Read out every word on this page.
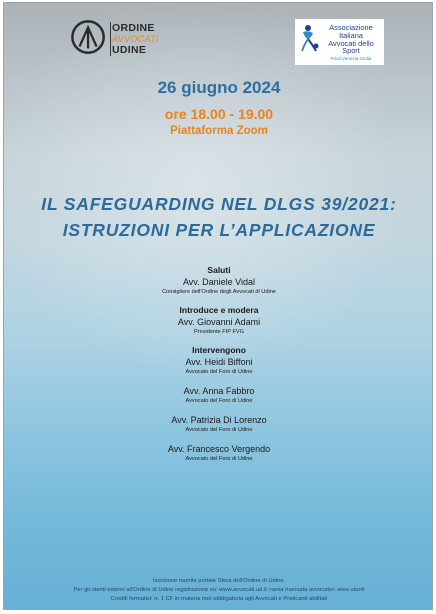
ORDINE
AVVOCATI
UDINE
Associazione
Italiana
Avvocati dello Sport
Friuli Venezia Giulia
26 giugno 2024
ore 18.00 - 19.00
Piattaforma Zoom
IL SAFEGUARDING NEL DLGS 39/2021:
ISTRUZIONI PER L’APPLICAZIONE
Saluti
Avv. Daniele Vidal
Consigliere dell'Ordine degli Avvocati di Udine
Introduce e modera
Avv. Giovanni Adami
Presidente FIP FVG
Intervengono
Avv. Heidi Biffoni
Avvocato del Foro di Udine
Avv. Anna Fabbro
Avvocato del Foro di Udine
Avv. Patrizia Di Lorenzo
Avvocato del Foro di Udine
Avv. Francesco Vergendo
Avvocato del Foro di Udine
Iscrizione tramite portale Sfera dell'Ordine di Udine.
Per gli utenti esterni all'Ordine di Udine registrazione su: www.avvocati.ud.it >area riservata avvocato< area utenti
Crediti formativi: n. 1 CF in materia non obbligatoria agli Avvocati e Praticanti abilitati
